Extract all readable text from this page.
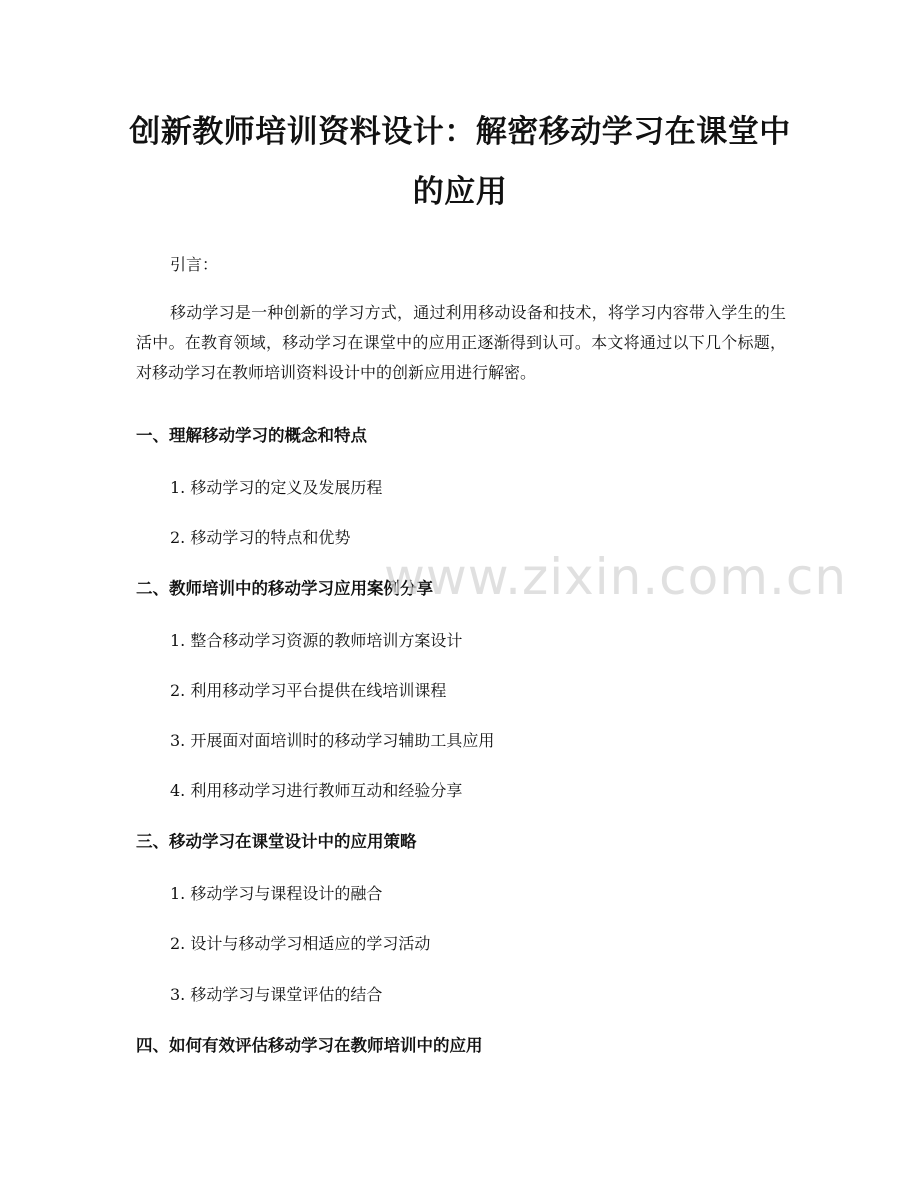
创新教师培训资料设计：解密移动学习在课堂中的应用

引言：

移动学习是一种创新的学习方式，通过利用移动设备和技术，将学习内容带入学生的生活中。在教育领域，移动学习在课堂中的应用正逐渐得到认可。本文将通过以下几个标题，对移动学习在教师培训资料设计中的创新应用进行解密。

一、理解移动学习的概念和特点

1. 移动学习的定义及发展历程

2. 移动学习的特点和优势

二、教师培训中的移动学习应用案例分享

1. 整合移动学习资源的教师培训方案设计

2. 利用移动学习平台提供在线培训课程

3. 开展面对面培训时的移动学习辅助工具应用

4. 利用移动学习进行教师互动和经验分享

三、移动学习在课堂设计中的应用策略

1. 移动学习与课程设计的融合

2. 设计与移动学习相适应的学习活动

3. 移动学习与课堂评估的结合

四、如何有效评估移动学习在教师培训中的应用
www.zixin.com.cn
